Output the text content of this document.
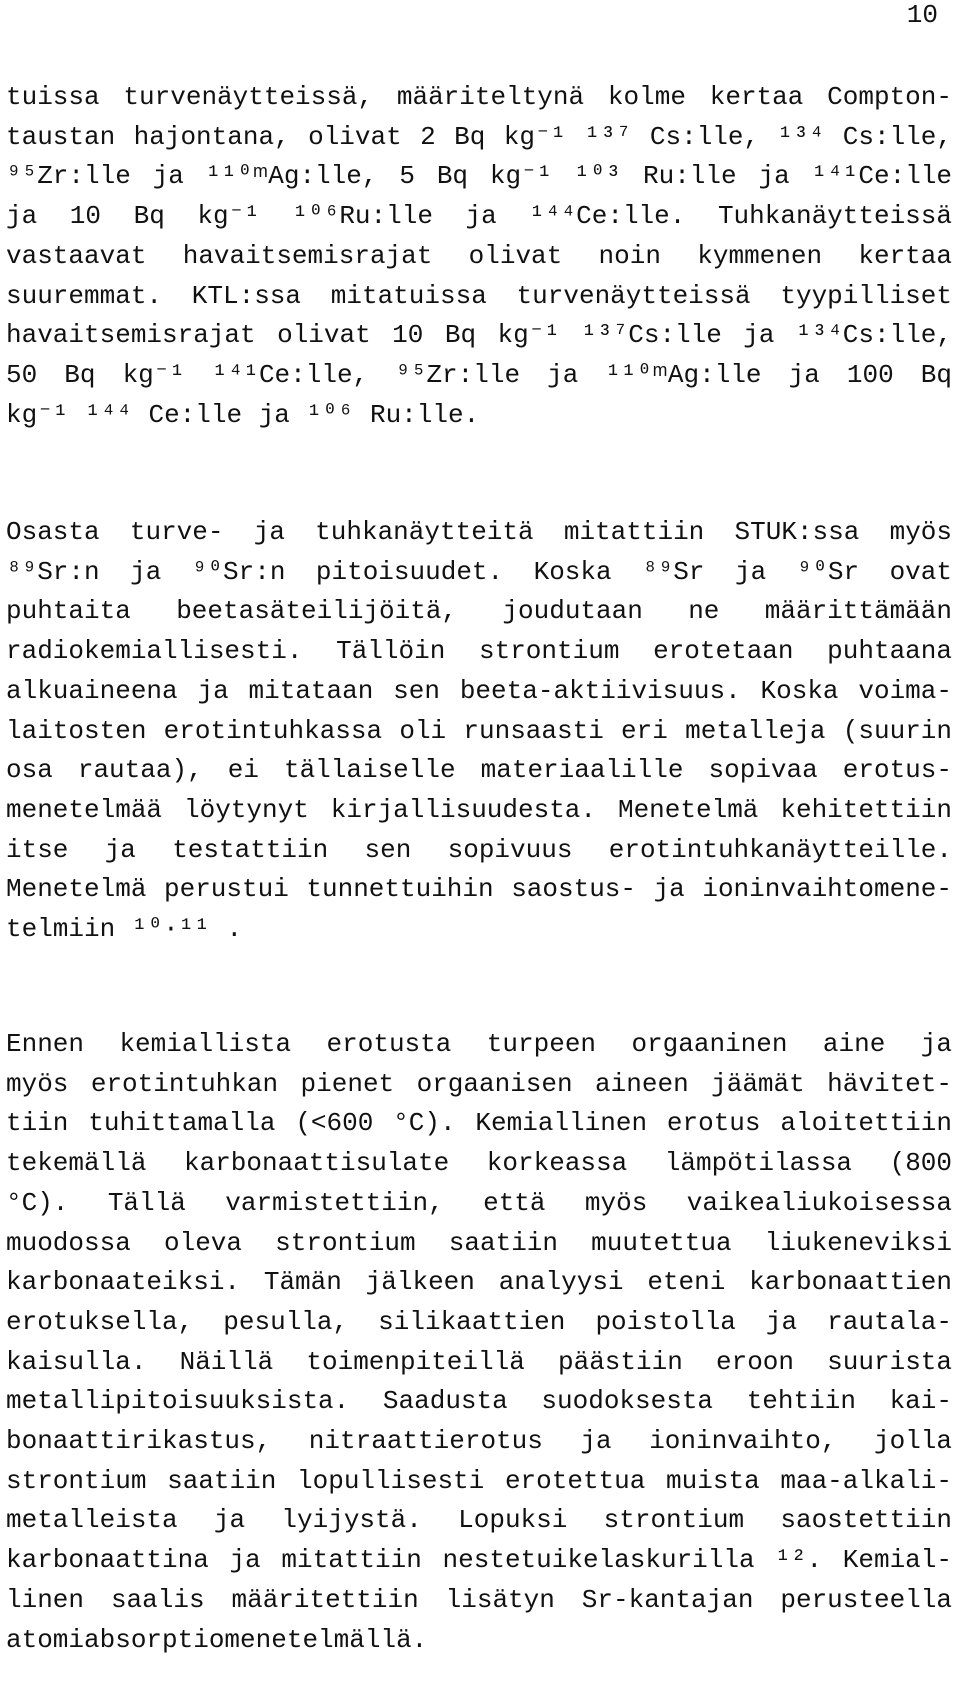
10
tuissa turvenäytteissä, määriteltynä kolme kertaa Compton-
taustan hajontana, olivat 2 Bq kg⁻¹ ¹³⁷ Cs:lle, ¹³⁴ Cs:lle,
⁹⁵Zr:lle ja ¹¹⁰ᵐAg:lle, 5 Bq kg⁻¹ ¹⁰³ Ru:lle ja ¹⁴¹Ce:lle
ja 10 Bq kg⁻¹ ¹⁰⁶Ru:lle ja ¹⁴⁴Ce:lle. Tuhkanäytteissä
vastaavat havaitsemisrajat olivat noin kymmenen kertaa
suuremmat. KTL:ssa mitatuissa turvenäytteissä tyypilliset
havaitsemisrajat olivat 10 Bq kg⁻¹ ¹³⁷Cs:lle ja ¹³⁴Cs:lle,
50 Bq kg⁻¹ ¹⁴¹Ce:lle, ⁹⁵Zr:lle ja ¹¹⁰ᵐAg:lle ja 100 Bq
kg⁻¹ ¹⁴⁴ Ce:lle ja ¹⁰⁶ Ru:lle.
Osasta turve- ja tuhkanäytteitä mitattiin STUK:ssa myös
⁸⁹Sr:n ja ⁹⁰Sr:n pitoisuudet. Koska ⁸⁹Sr ja ⁹⁰Sr ovat
puhtaita beetasäteilijöitä, joudutaan ne määrittämään
radiokemiallisesti. Tällöin strontium erotetaan puhtaana
alkuaineena ja mitataan sen beeta-aktiivisuus. Koska voima-
laitosten erotintuhkassa oli runsaasti eri metalleja (suurin
osa rautaa), ei tällaiselle materiaalille sopivaa erotus-
menetelmää löytynyt kirjallisuudesta. Menetelmä kehitettiin
itse ja testattiin sen sopivuus erotintuhkanäytteille.
Menetelmä perustui tunnettuihin saostus- ja ioninvaihtomene-
telmiin ¹⁰·¹¹ .
Ennen kemiallista erotusta turpeen orgaaninen aine ja
myös erotintuhkan pienet orgaanisen aineen jäämät hävitet-
tiin tuhittamalla (<600 °C). Kemiallinen erotus aloitettiin
tekemällä karbonaattisulate korkeassa lämpötilassa (800
°C). Tällä varmistettiin, että myös vaikealiukoisessa
muodossa oleva strontium saatiin muutettua liukeneviksi
karbonaateiksi. Tämän jälkeen analyysi eteni karbonaattien
erotuksella, pesulla, silikaattien poistolla ja rautala-
kaisulla. Näillä toimenpiteillä päästiin eroon suurista
metallipitoisuuksista. Saadusta suodoksesta tehtiin kai-
bonaattirikastus, nitraattierotus ja ioninvaihto, jolla
strontium saatiin lopullisesti erotettua muista maa-alkali-
metalleista ja lyijystä. Lopuksi strontium saostettiin
karbonaattina ja mitattiin nestetuikelaskurilla ¹². Kemial-
linen saalis määritettiin lisätyn Sr-kantajan perusteella
atomiabsorptiomenetelmällä.
